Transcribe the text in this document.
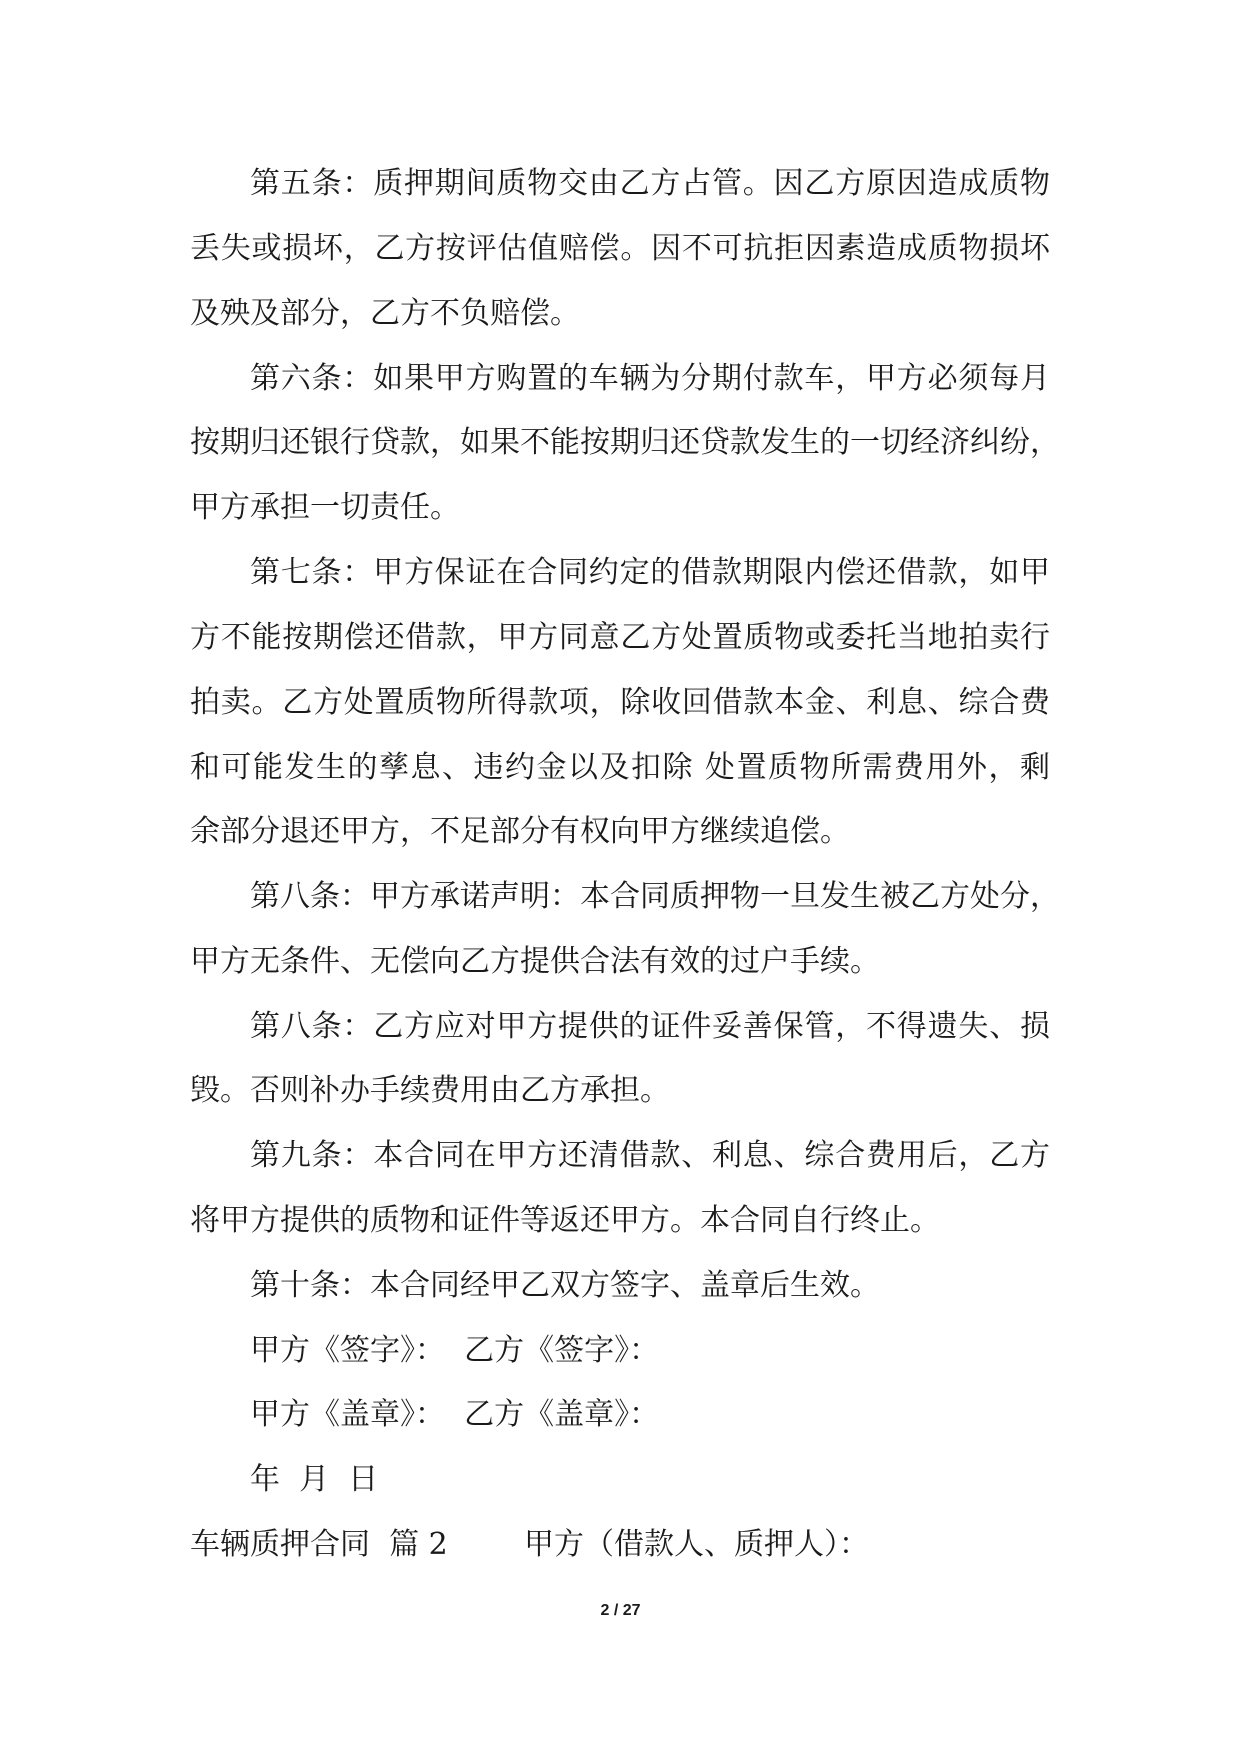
第五条：质押期间质物交由乙方占管。因乙方原因造成质物
丢失或损坏，乙方按评估值赔偿。因不可抗拒因素造成质物损坏
及殃及部分，乙方不负赔偿。
第六条：如果甲方购置的车辆为分期付款车，甲方必须每月
按期归还银行贷款，如果不能按期归还贷款发生的一切经济纠纷，
甲方承担一切责任。
第七条：甲方保证在合同约定的借款期限内偿还借款，如甲
方不能按期偿还借款，甲方同意乙方处置质物或委托当地拍卖行
拍卖。乙方处置质物所得款项，除收回借款本金、利息、综合费
和可能发生的孳息、违约金以及扣除 处置质物所需费用外，剩
余部分退还甲方，不足部分有权向甲方继续追偿。
第八条：甲方承诺声明：本合同质押物一旦发生被乙方处分，
甲方无条件、无偿向乙方提供合法有效的过户手续。
第八条：乙方应对甲方提供的证件妥善保管，不得遗失、损
毁。否则补办手续费用由乙方承担。
第九条：本合同在甲方还清借款、利息、综合费用后，乙方
将甲方提供的质物和证件等返还甲方。本合同自行终止。
第十条：本合同经甲乙双方签字、盖章后生效。
甲方《签字》：  乙方《签字》：
甲方《盖章》：  乙方《盖章》：
年  月  日
车辆质押合同  篇 2        甲方（借款人、质押人）：
2 / 27
